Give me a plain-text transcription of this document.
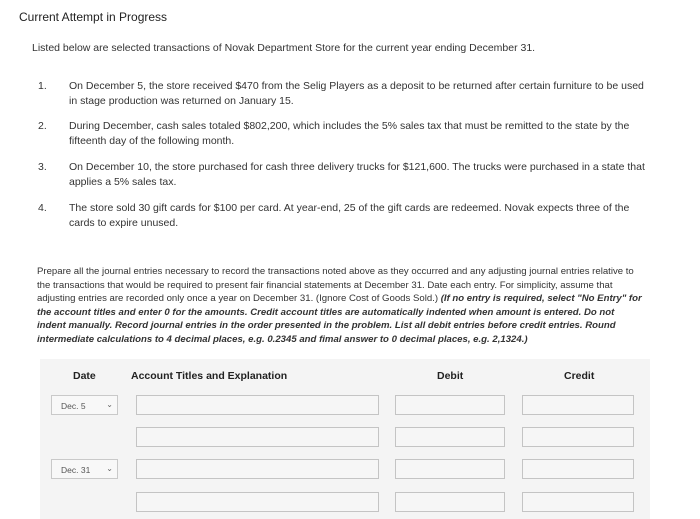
Current Attempt in Progress
Listed below are selected transactions of Novak Department Store for the current year ending December 31.
1. On December 5, the store received $470 from the Selig Players as a deposit to be returned after certain furniture to be used in stage production was returned on January 15.
2. During December, cash sales totaled $802,200, which includes the 5% sales tax that must be remitted to the state by the fifteenth day of the following month.
3. On December 10, the store purchased for cash three delivery trucks for $121,600. The trucks were purchased in a state that applies a 5% sales tax.
4. The store sold 30 gift cards for $100 per card. At year-end, 25 of the gift cards are redeemed. Novak expects three of the cards to expire unused.
Prepare all the journal entries necessary to record the transactions noted above as they occurred and any adjusting journal entries relative to the transactions that would be required to present fair financial statements at December 31. Date each entry. For simplicity, assume that adjusting entries are recorded only once a year on December 31. (Ignore Cost of Goods Sold.) (If no entry is required, select "No Entry" for the account titles and enter 0 for the amounts. Credit account titles are automatically indented when amount is entered. Do not indent manually. Record journal entries in the order presented in the problem. List all debit entries before credit entries. Round intermediate calculations to 4 decimal places, e.g. 0.2345 and fimal answer to 0 decimal places, e.g. 2,1324.)
Date	Account Titles and Explanation	Debit	Credit
Dec. 5	⌄
Dec. 31 ⌄
